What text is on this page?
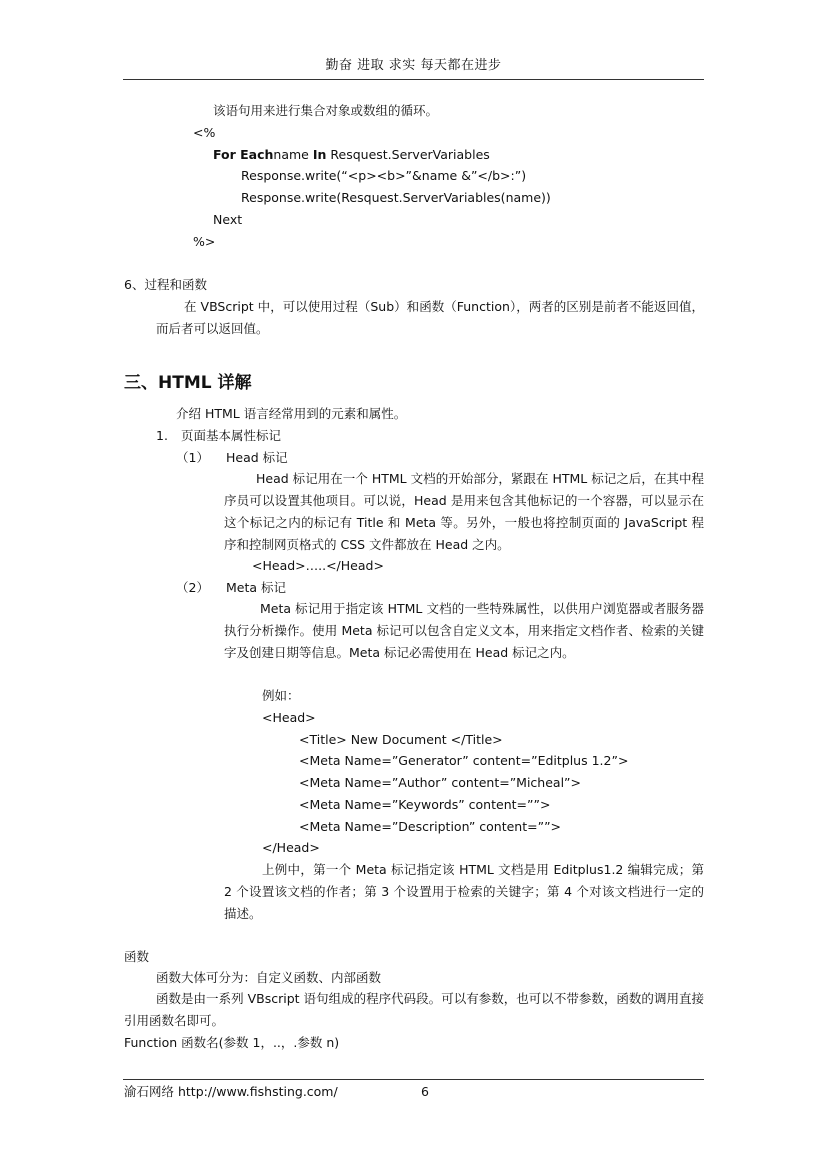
勤奋 进取 求实 每天都在进步
该语句用来进行集合对象或数组的循环。
<%
For Eachname In Resquest.ServerVariables
Response.write(“<p><b>”&name &”</b>:”)
Response.write(Resquest.ServerVariables(name))
Next
%>
6、过程和函数
在 VBScript 中，可以使用过程（Sub）和函数（Function），两者的区别是前者不能返回值，而后者可以返回值。
三、HTML 详解
介绍 HTML 语言经常用到的元素和属性。
1. 页面基本属性标记
（1） Head 标记
Head 标记用在一个 HTML 文档的开始部分，紧跟在 HTML 标记之后，在其中程序员可以设置其他项目。可以说，Head 是用来包含其他标记的一个容器，可以显示在这个标记之内的标记有 Title 和 Meta 等。另外，一般也将控制页面的 JavaScript 程序和控制网页格式的 CSS 文件都放在 Head 之内。
<Head>…..</Head>
（2） Meta 标记
Meta 标记用于指定该 HTML 文档的一些特殊属性，以供用户浏览器或者服务器执行分析操作。使用 Meta 标记可以包含自定义文本，用来指定文档作者、检索的关键字及创建日期等信息。Meta 标记必需使用在 Head 标记之内。
例如：
<Head>
<Title> New Document </Title>
<Meta Name=”Generator” content=”Editplus 1.2”>
<Meta Name=”Author” content=”Micheal”>
<Meta Name=”Keywords” content=””>
<Meta Name=”Description” content=””>
</Head>
上例中，第一个 Meta 标记指定该 HTML 文档是用 Editplus1.2 编辑完成；第 2 个设置该文档的作者；第 3 个设置用于检索的关键字；第 4 个对该文档进行一定的描述。
函数
函数大体可分为：自定义函数、内部函数
函数是由一系列 VBscript 语句组成的程序代码段。可以有参数，也可以不带参数，函数的调用直接引用函数名即可。
Function 函数名(参数 1，..，.参数 n)
渝石网络 http://www.fishsting.com/	6
